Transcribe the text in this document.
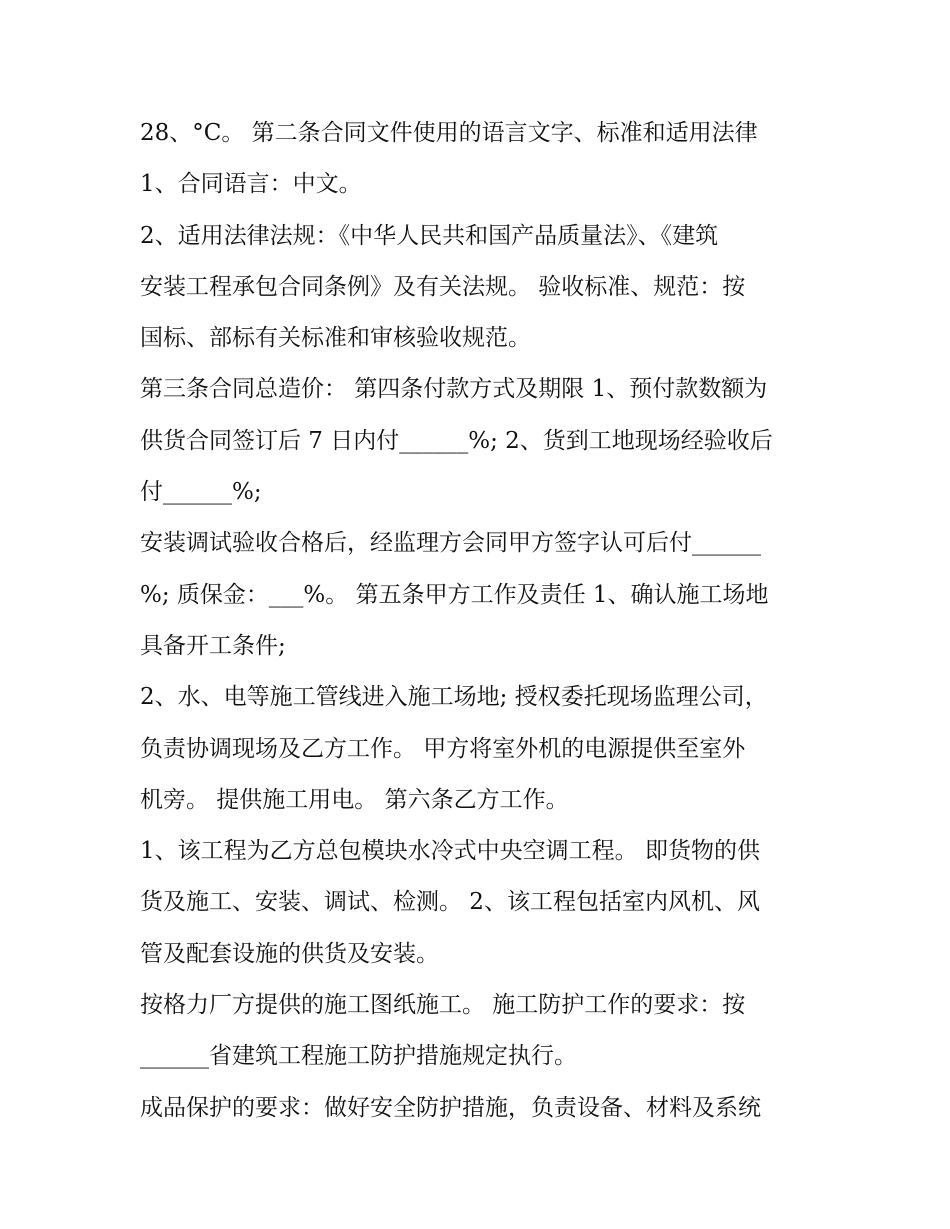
28、°C。 第二条合同文件使用的语言文字、标准和适用法律
1、合同语言：中文。
2、适用法律法规：《中华人民共和国产品质量法》、《建筑
安装工程承包合同条例》及有关法规。 验收标准、规范：按
国标、部标有关标准和审核验收规范。
第三条合同总造价： 第四条付款方式及期限 1、预付款数额为
供货合同签订后 7 日内付______%; 2、货到工地现场经验收后
付______%;
安装调试验收合格后，经监理方会同甲方签字认可后付______
%; 质保金：___%。 第五条甲方工作及责任 1、确认施工场地
具备开工条件;
2、水、电等施工管线进入施工场地; 授权委托现场监理公司，
负责协调现场及乙方工作。 甲方将室外机的电源提供至室外
机旁。 提供施工用电。 第六条乙方工作。
1、该工程为乙方总包模块水冷式中央空调工程。 即货物的供
货及施工、安装、调试、检测。 2、该工程包括室内风机、风
管及配套设施的供货及安装。
按格力厂方提供的施工图纸施工。 施工防护工作的要求：按
______省建筑工程施工防护措施规定执行。
成品保护的要求：做好安全防护措施，负责设备、材料及系统
